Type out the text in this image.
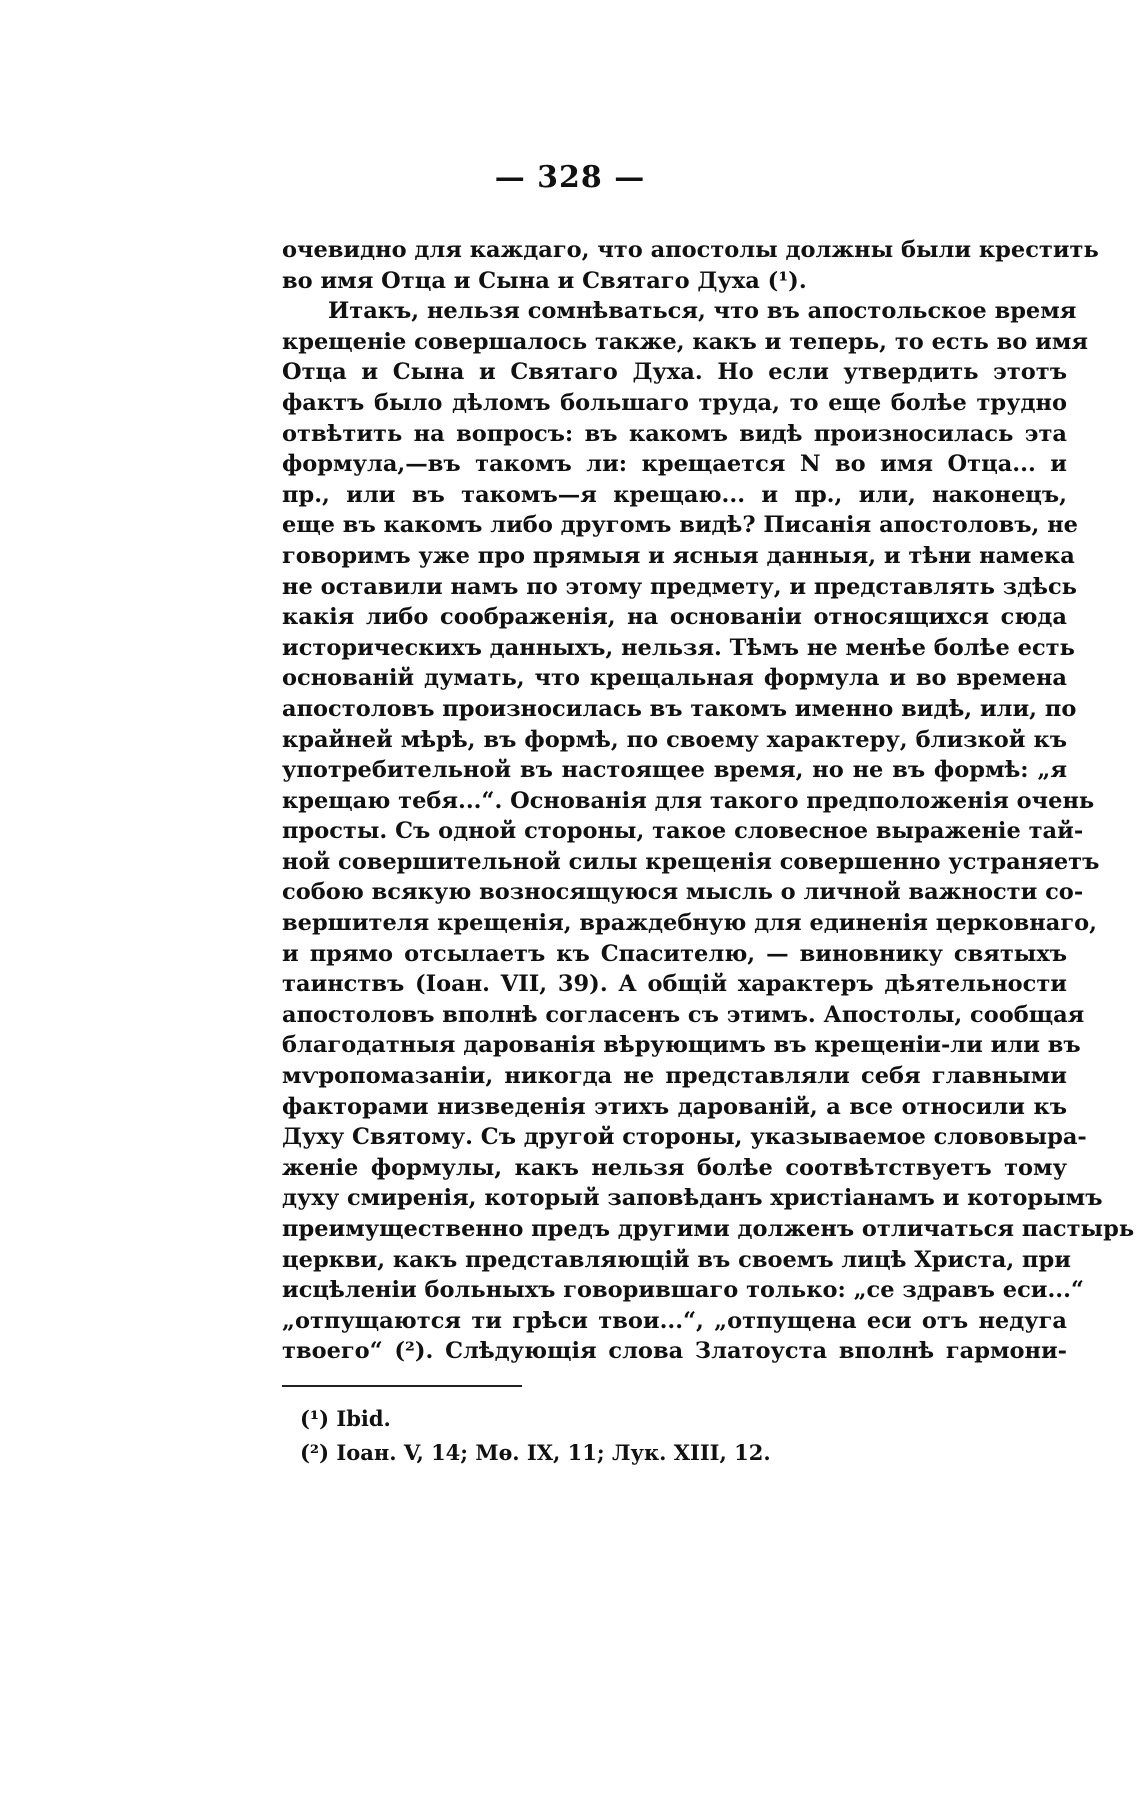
— 328 —
очевидно для каждаго, что апостолы должны были крестить
во имя Отца и Сына и Святаго Духа (¹).
Итакъ, нельзя сомнѣваться, что въ апостольское время
крещеніе совершалось также, какъ и теперь, то есть во имя
Отца и Сына и Святаго Духа. Но если утвердить этотъ
фактъ было дѣломъ большаго труда, то еще болѣе трудно
отвѣтить на вопросъ: въ какомъ видѣ произносилась эта
формула,—въ такомъ ли: крещается N во имя Отца... и
пр., или въ такомъ—я крещаю... и пр., или, наконецъ,
еще въ какомъ либо другомъ видѣ? Писанія апостоловъ, не
говоримъ уже про прямыя и ясныя данныя, и тѣни намека
не оставили намъ по этому предмету, и представлять здѣсь
какія либо соображенія, на основаніи относящихся сюда
историческихъ данныхъ, нельзя. Тѣмъ не менѣе болѣе есть
основаній думать, что крещальная формула и во времена
апостоловъ произносилась въ такомъ именно видѣ, или, по
крайней мѣрѣ, въ формѣ, по своему характеру, близкой къ
употребительной въ настоящее время, но не въ формѣ: „я
крещаю тебя...“. Основанія для такого предположенія очень
просты. Съ одной стороны, такое словесное выраженіе тай-
ной совершительной силы крещенія совершенно устраняетъ
собою всякую возносящуюся мысль о личной важности со-
вершителя крещенія, враждебную для единенія церковнаго,
и прямо отсылаетъ къ Спасителю, — виновнику святыхъ
таинствъ (Іоан. VII, 39). А общій характеръ дѣятельности
апостоловъ вполнѣ согласенъ съ этимъ. Апостолы, сообщая
благодатныя дарованія вѣрующимъ въ крещеніи-ли или въ
мѵропомазаніи, никогда не представляли себя главными
факторами низведенія этихъ дарованій, а все относили къ
Духу Святому. Съ другой стороны, указываемое слововыра-
женіе формулы, какъ нельзя болѣе соотвѣтствуетъ тому
духу смиренія, который заповѣданъ христіанамъ и которымъ
преимущественно предъ другими долженъ отличаться пастырь
церкви, какъ представляющій въ своемъ лицѣ Христа, при
исцѣленіи больныхъ говорившаго только: „се здравъ еси...“
„отпущаются ти грѣси твои...“, „отпущена еси отъ недуга
твоего“ (²). Слѣдующія слова Златоуста вполнѣ гармони-
(¹) Ibid.
(²) Іоан. V, 14; Мѳ. IX, 11; Лук. XIII, 12.
